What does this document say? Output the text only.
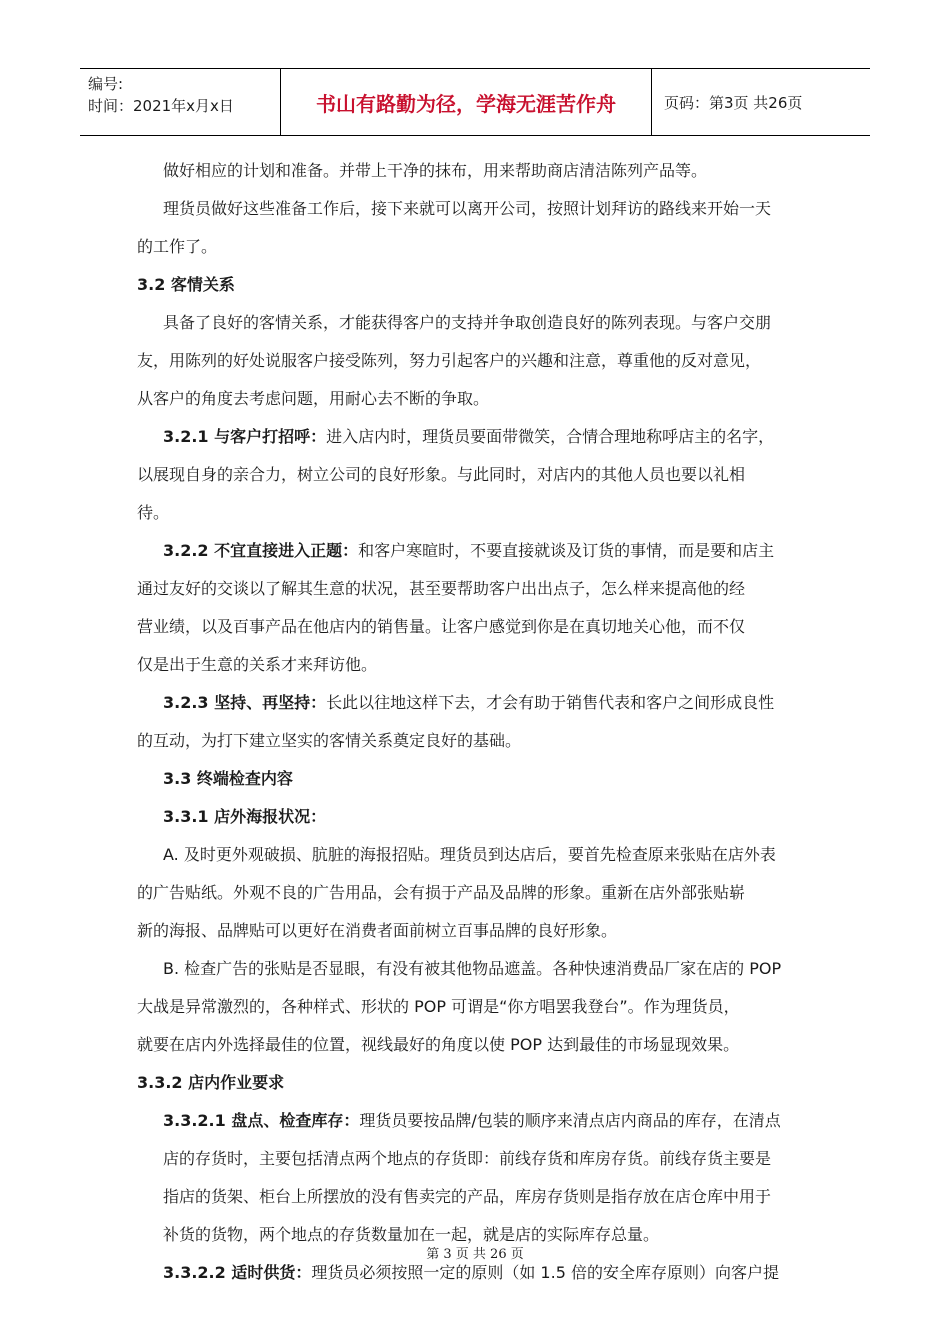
编号:
时间：2021年x月x日	书山有路勤为径，学海无涯苦作舟	页码：第3页 共26页
做好相应的计划和准备。并带上干净的抹布，用来帮助商店清洁陈列产品等。
理货员做好这些准备工作后，接下来就可以离开公司，按照计划拜访的路线来开始一天
的工作了。
3.2 客情关系
具备了良好的客情关系，才能获得客户的支持并争取创造良好的陈列表现。与客户交朋
友，用陈列的好处说服客户接受陈列，努力引起客户的兴趣和注意，尊重他的反对意见，
从客户的角度去考虑问题，用耐心去不断的争取。
3.2.1 与客户打招呼：进入店内时，理货员要面带微笑，合情合理地称呼店主的名字，
以展现自身的亲合力，树立公司的良好形象。与此同时，对店内的其他人员也要以礼相
待。
3.2.2 不宜直接进入正题：和客户寒暄时，不要直接就谈及订货的事情，而是要和店主
通过友好的交谈以了解其生意的状况，甚至要帮助客户出出点子，怎么样来提高他的经
营业绩，以及百事产品在他店内的销售量。让客户感觉到你是在真切地关心他，而不仅
仅是出于生意的关系才来拜访他。
3.2.3 坚持、再坚持：长此以往地这样下去，才会有助于销售代表和客户之间形成良性
的互动，为打下建立坚实的客情关系奠定良好的基础。
3.3 终端检查内容
3.3.1 店外海报状况：
A. 及时更外观破损、肮脏的海报招贴。理货员到达店后，要首先检查原来张贴在店外表
的广告贴纸。外观不良的广告用品，会有损于产品及品牌的形象。重新在店外部张贴崭
新的海报、品牌贴可以更好在消费者面前树立百事品牌的良好形象。
B. 检查广告的张贴是否显眼，有没有被其他物品遮盖。各种快速消费品厂家在店的 POP
大战是异常激烈的，各种样式、形状的 POP 可谓是“你方唱罢我登台”。作为理货员，
就要在店内外选择最佳的位置，视线最好的角度以使 POP 达到最佳的市场显现效果。
3.3.2 店内作业要求
3.3.2.1 盘点、检查库存：理货员要按品牌/包装的顺序来清点店内商品的库存，在清点
店的存货时，主要包括清点两个地点的存货即：前线存货和库房存货。前线存货主要是
指店的货架、柜台上所摆放的没有售卖完的产品，库房存货则是指存放在店仓库中用于
补货的货物，两个地点的存货数量加在一起，就是店的实际库存总量。
3.3.2.2 适时供货：理货员必须按照一定的原则（如 1.5 倍的安全库存原则）向客户提
第 3 页 共 26 页
